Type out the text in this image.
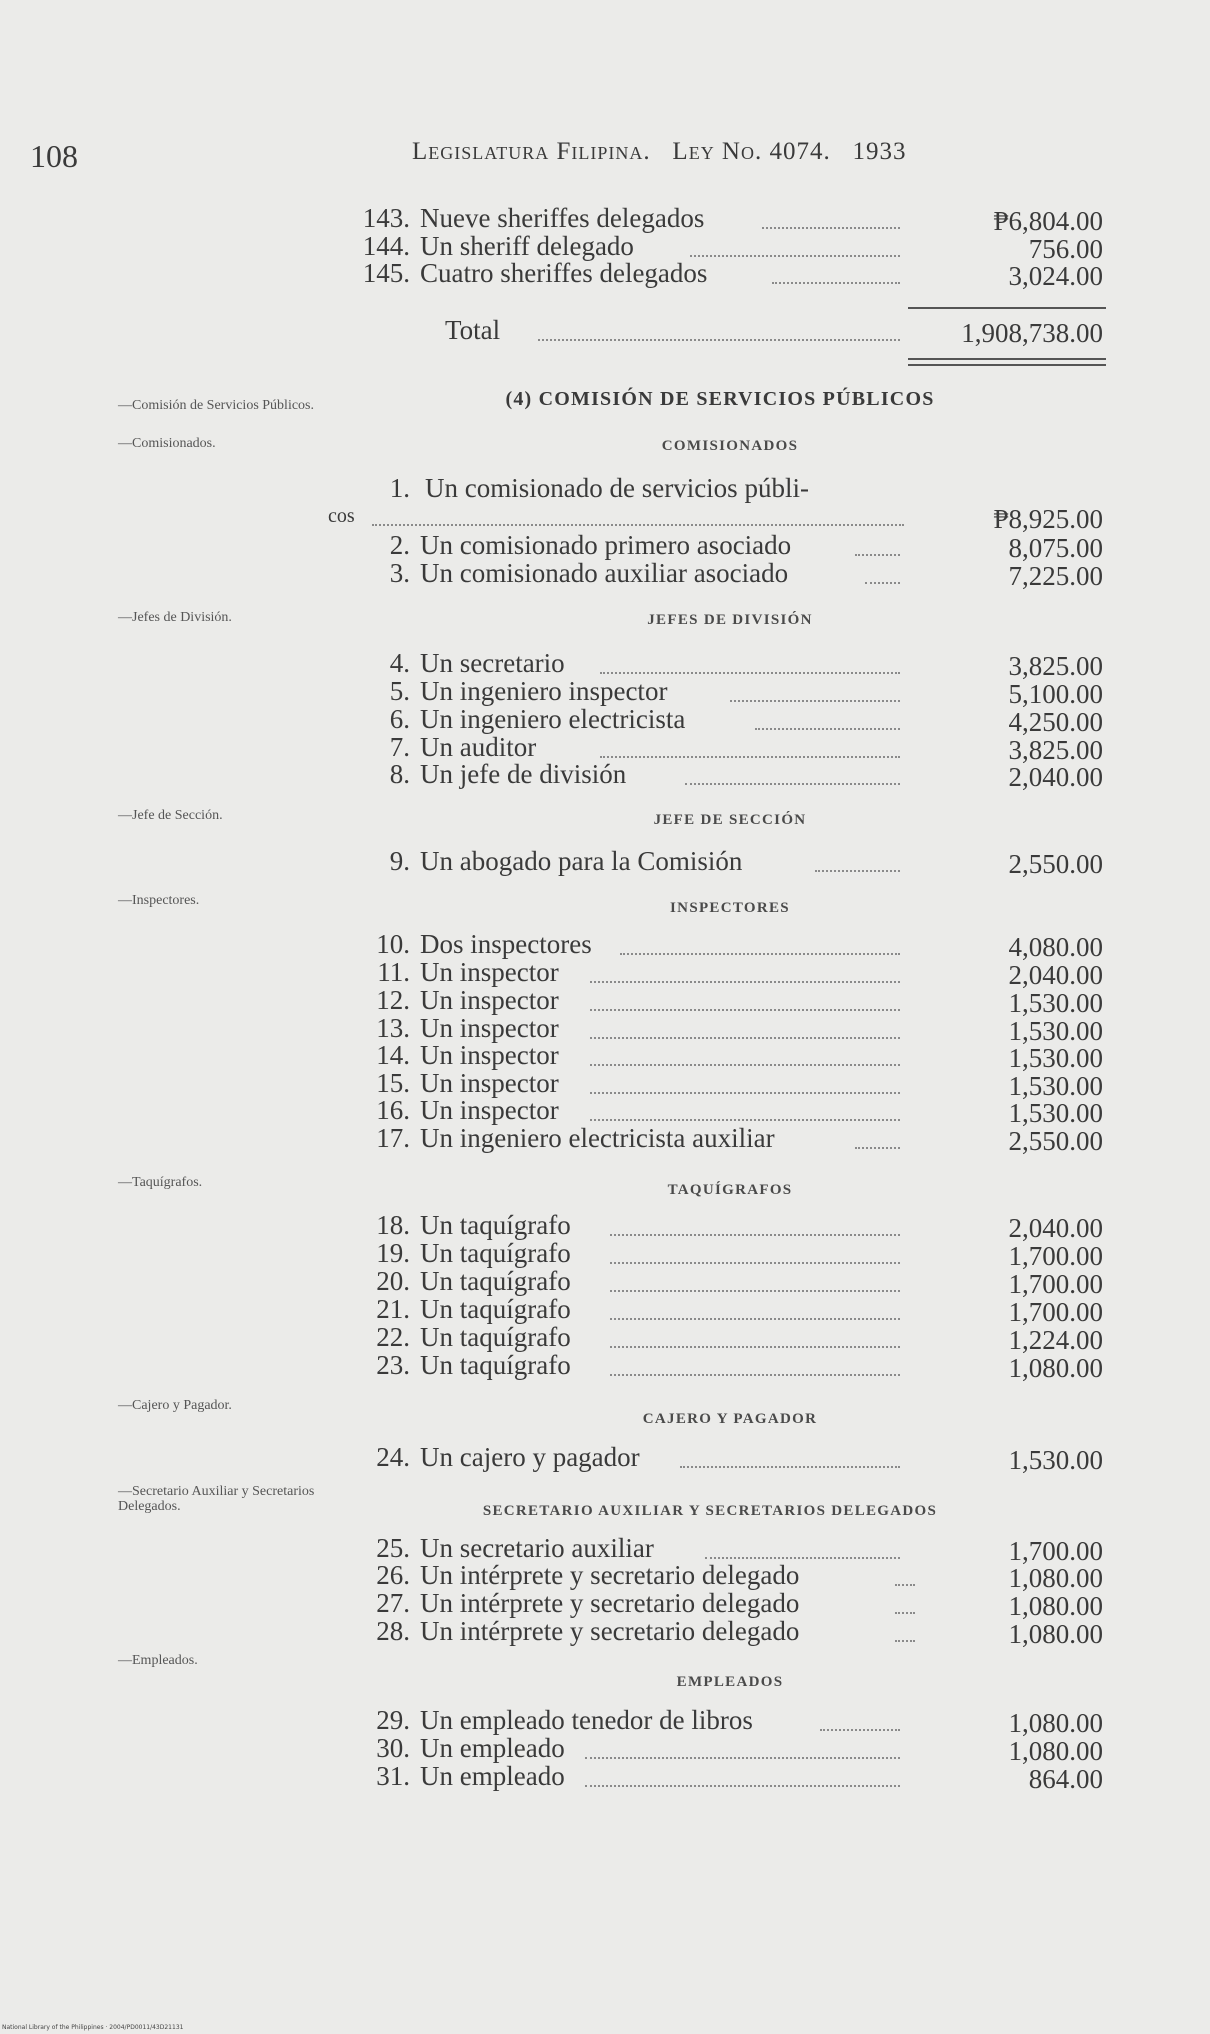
108	Legislatura Filipina. Ley No. 4074. 1933
143. Nueve sheriffes delegados	₱6,804.00
144. Un sheriff delegado	756.00
145. Cuatro sheriffes delegados	3,024.00
Total	1,908,738.00
(4) COMISIÓN DE SERVICIOS PÚBLICOS
—Comisión de Servicios Públicos.
—Comisionados.
—Jefes de División.
—Jefe de Sección.
—Inspectores.
—Taquígrafos.
—Cajero y Pagador.
—Secretario Auxiliar y Secretarios Delegados.
—Empleados.
COMISIONADOS
JEFES DE DIVISIÓN
JEFE DE SECCIÓN
INSPECTORES
TAQUÍGRAFOS
CAJERO Y PAGADOR
SECRETARIO AUXILIAR Y SECRETARIOS DELEGADOS
EMPLEADOS
1. Un comisionado de servicios públi-
cos	₱8,925.00
2. Un comisionado primero asociado	8,075.00
3. Un comisionado auxiliar asociado	7,225.00
4. Un secretario	3,825.00
5. Un ingeniero inspector	5,100.00
6. Un ingeniero electricista	4,250.00
7. Un auditor	3,825.00
8. Un jefe de división	2,040.00
9. Un abogado para la Comisión	2,550.00
10. Dos inspectores	4,080.00
11. Un inspector	2,040.00
12. Un inspector	1,530.00
13. Un inspector	1,530.00
14. Un inspector	1,530.00
15. Un inspector	1,530.00
16. Un inspector	1,530.00
17. Un ingeniero electricista auxiliar	2,550.00
18. Un taquígrafo	2,040.00
19. Un taquígrafo	1,700.00
20. Un taquígrafo	1,700.00
21. Un taquígrafo	1,700.00
22. Un taquígrafo	1,224.00
23. Un taquígrafo	1,080.00
24. Un cajero y pagador	1,530.00
25. Un secretario auxiliar	1,700.00
26. Un intérprete y secretario delegado	1,080.00
27. Un intérprete y secretario delegado	1,080.00
28. Un intérprete y secretario delegado	1,080.00
29. Un empleado tenedor de libros	1,080.00
30. Un empleado	1,080.00
31. Un empleado	864.00
National Library of the Philippines · 2004/PD0011/43D21131
